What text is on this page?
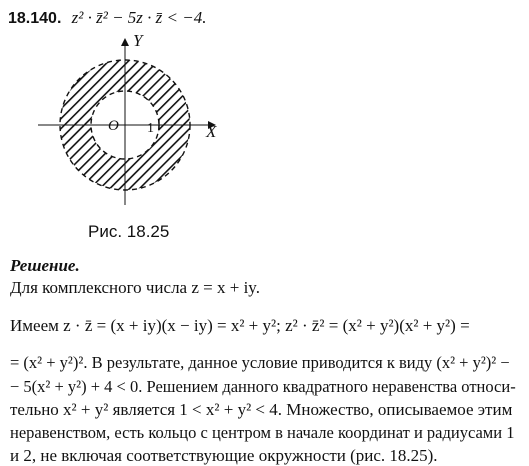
18.140. z² · z̄² − 5z · z̄ < −4.
Y
X
O 1
Рис. 18.25
Решение.
Для комплексного числа z = x + iy.
Имеем z · z̄ = (x + iy)(x − iy) = x² + y²; z² · z̄² = (x² + y²)(x² + y²) =
= (x² + y²)². В результате, данное условие приводится к виду (x² + y²)² −
− 5(x² + y²) + 4 < 0. Решением данного квадратного неравенства относи-
тельно x² + y² является 1 < x² + y² < 4. Множество, описываемое этим
неравенством, есть кольцо с центром в начале координат и радиусами 1
и 2, не включая соответствующие окружности (рис. 18.25).
